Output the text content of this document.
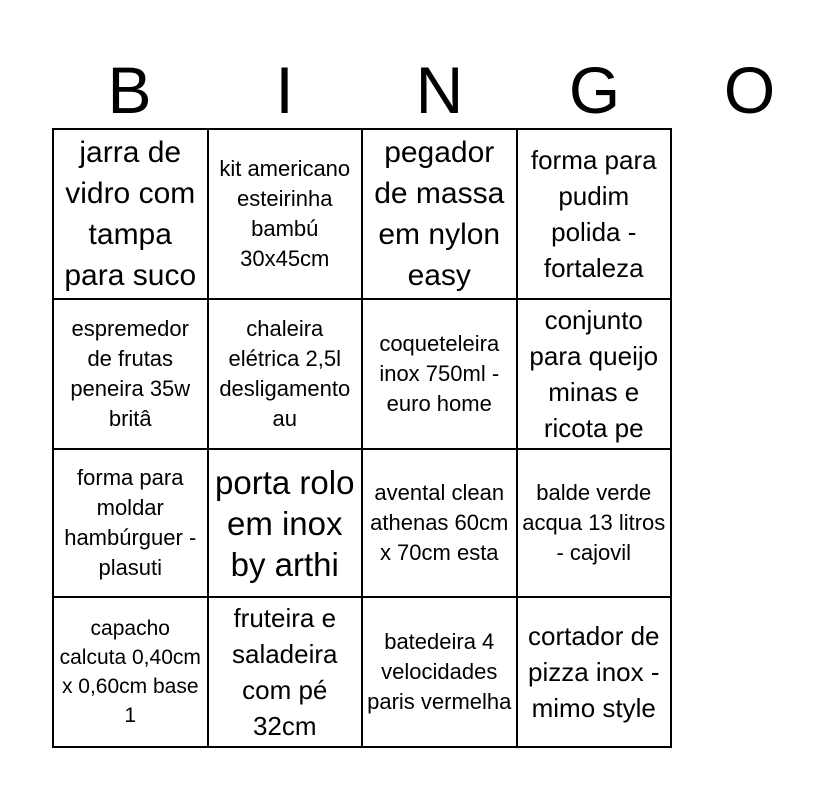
B	I	N	G	O
jarra de vidro com tampa para suco
kit americano esteirinha bambú 30x45cm
pegador de massa em nylon easy
forma para pudim polida - fortaleza
espremedor de frutas peneira 35w britâ
chaleira elétrica 2,5l desligamento au
coqueteleira inox 750ml - euro home
conjunto para queijo minas e ricota pe
forma para moldar hambúrguer - plasuti
porta rolo em inox by arthi
avental clean athenas 60cm x 70cm esta
balde verde acqua 13 litros - cajovil
capacho calcuta 0,40cm x 0,60cm base 1
fruteira e saladeira com pé 32cm
batedeira 4 velocidades paris vermelha
cortador de pizza inox - mimo style
